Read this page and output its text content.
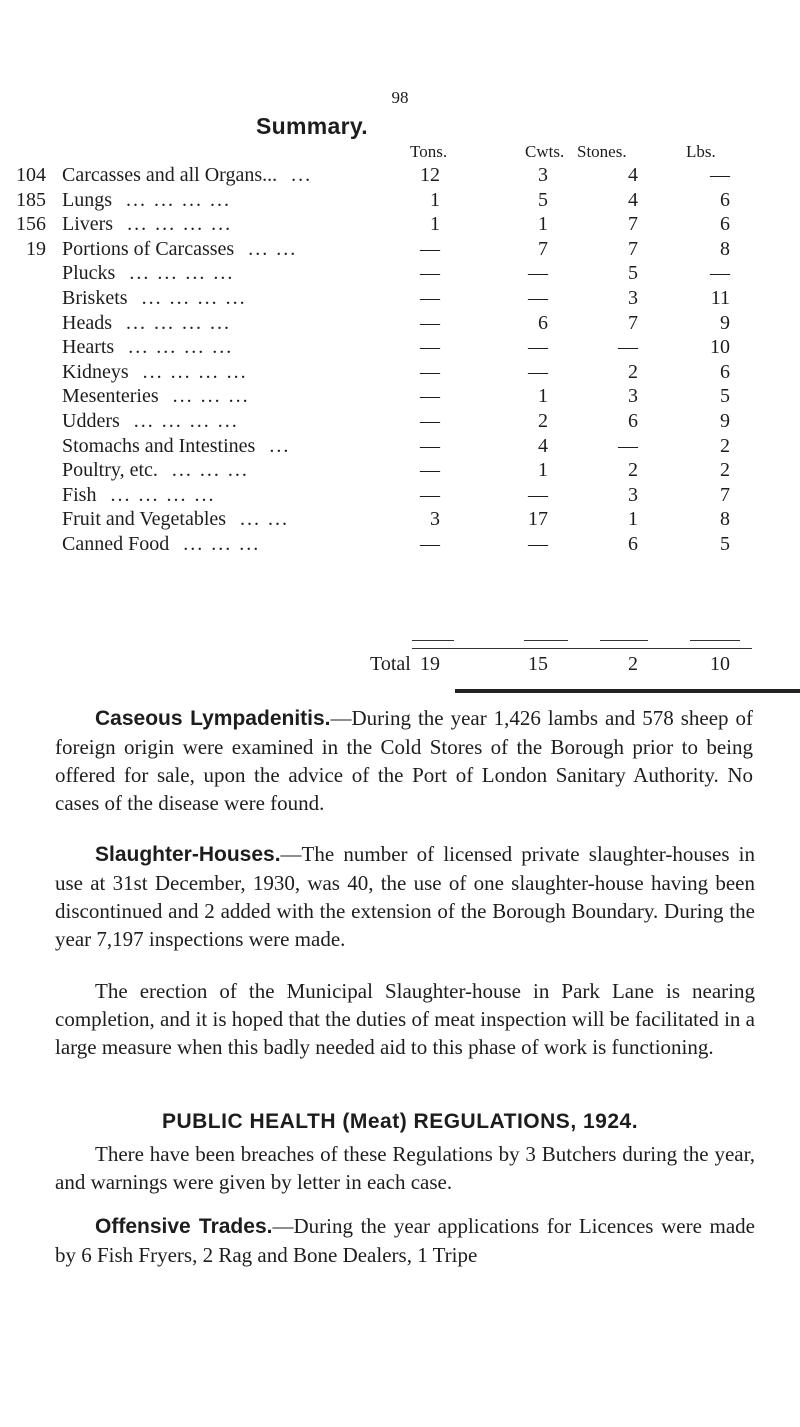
98
Summary.
Tons.	Cwts. Stones.	Lbs.
104 Carcasses and all Organs... ...	12	3	4	—
185 Lungs ... ... ... ...	1	5	4	6
156 Livers ... ... ... ...	1	1	7	6
19 Portions of Carcasses ... ...	—	7	7	8
Plucks ... ... ... ...	—	—	5	—
Briskets ... ... ... ...	—	—	3	11
Heads ... ... ... ...	—	6	7	9
Hearts ... ... ... ...	—	—	—	10
Kidneys ... ... ... ...	—	—	2	6
Mesenteries ... ... ...	—	1	3	5
Udders ... ... ... ...	—	2	6	9
Stomachs and Intestines ...	—	4	—	2
Poultry, etc. ... ... ...	—	1	2	2
Fish ... ... ... ...	—	—	3	7
Fruit and Vegetables ... ...	3	17	1	8
Canned Food ... ... ...	—	—	6	5
Total 19	15	2	10
Caseous Lympadenitis.—During the year 1,426 lambs and 578 sheep of foreign origin were examined in the Cold Stores of the Borough prior to being offered for sale, upon the advice of the Port of London Sanitary Authority. No cases of the disease were found.
Slaughter-Houses.—The number of licensed private slaughter-houses in use at 31st December, 1930, was 40, the use of one slaughter-house having been discontinued and 2 added with the extension of the Borough Boundary. During the year 7,197 inspections were made.
The erection of the Municipal Slaughter-house in Park Lane is nearing completion, and it is hoped that the duties of meat inspection will be facilitated in a large measure when this badly needed aid to this phase of work is functioning.
PUBLIC HEALTH (Meat) REGULATIONS, 1924.
There have been breaches of these Regulations by 3 Butchers during the year, and warnings were given by letter in each case.
Offensive Trades.—During the year applications for Licences were made by 6 Fish Fryers, 2 Rag and Bone Dealers, 1 Tripe
